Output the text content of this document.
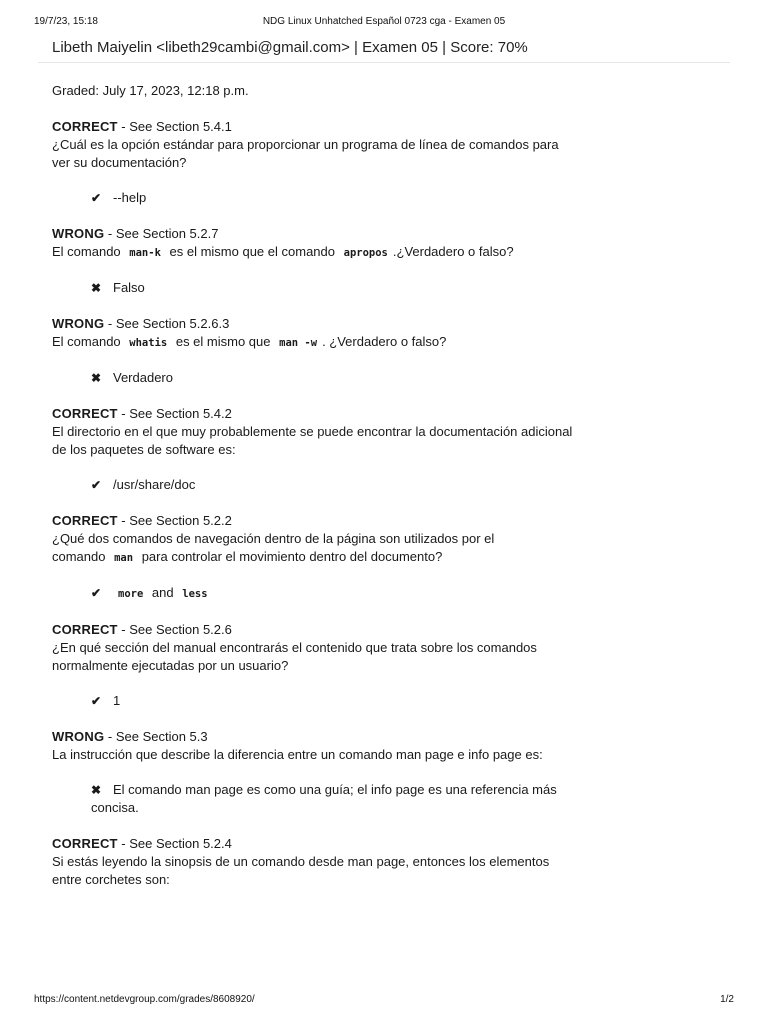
19/7/23, 15:18	NDG Linux Unhatched Español 0723 cga - Examen 05
Libeth Maiyelin <libeth29cambi@gmail.com> | Examen 05 | Score: 70%

Graded: July 17, 2023, 12:18 p.m.

CORRECT - See Section 5.4.1

¿Cuál es la opción estándar para proporcionar un programa de línea de comandos para
ver su documentación?

✔ --help

WRONG - See Section 5.2.7

El comando man-k es el mismo que el comando apropos .¿Verdadero o falso?

✖ Falso

WRONG - See Section 5.2.6.3

El comando whatis es el mismo que man -w . ¿Verdadero o falso?

✖ Verdadero

CORRECT - See Section 5.4.2

El directorio en el que muy probablemente se puede encontrar la documentación adicional
de los paquetes de software es:

✔ /usr/share/doc

CORRECT - See Section 5.2.2

¿Qué dos comandos de navegación dentro de la página son utilizados por el
comando man para controlar el movimiento dentro del documento?

✔	more and less

CORRECT - See Section 5.2.6

¿En qué sección del manual encontrarás el contenido que trata sobre los comandos
normalmente ejecutadas por un usuario?

✔ 1

WRONG - See Section 5.3

La instrucción que describe la diferencia entre un comando man page e info page es:

✖ El comando man page es como una guía; el info page es una referencia más
concisa.

CORRECT - See Section 5.2.4

Si estás leyendo la sinopsis de un comando desde man page, entonces los elementos
entre corchetes son:

https://content.netdevgroup.com/grades/8608920/	1/2
